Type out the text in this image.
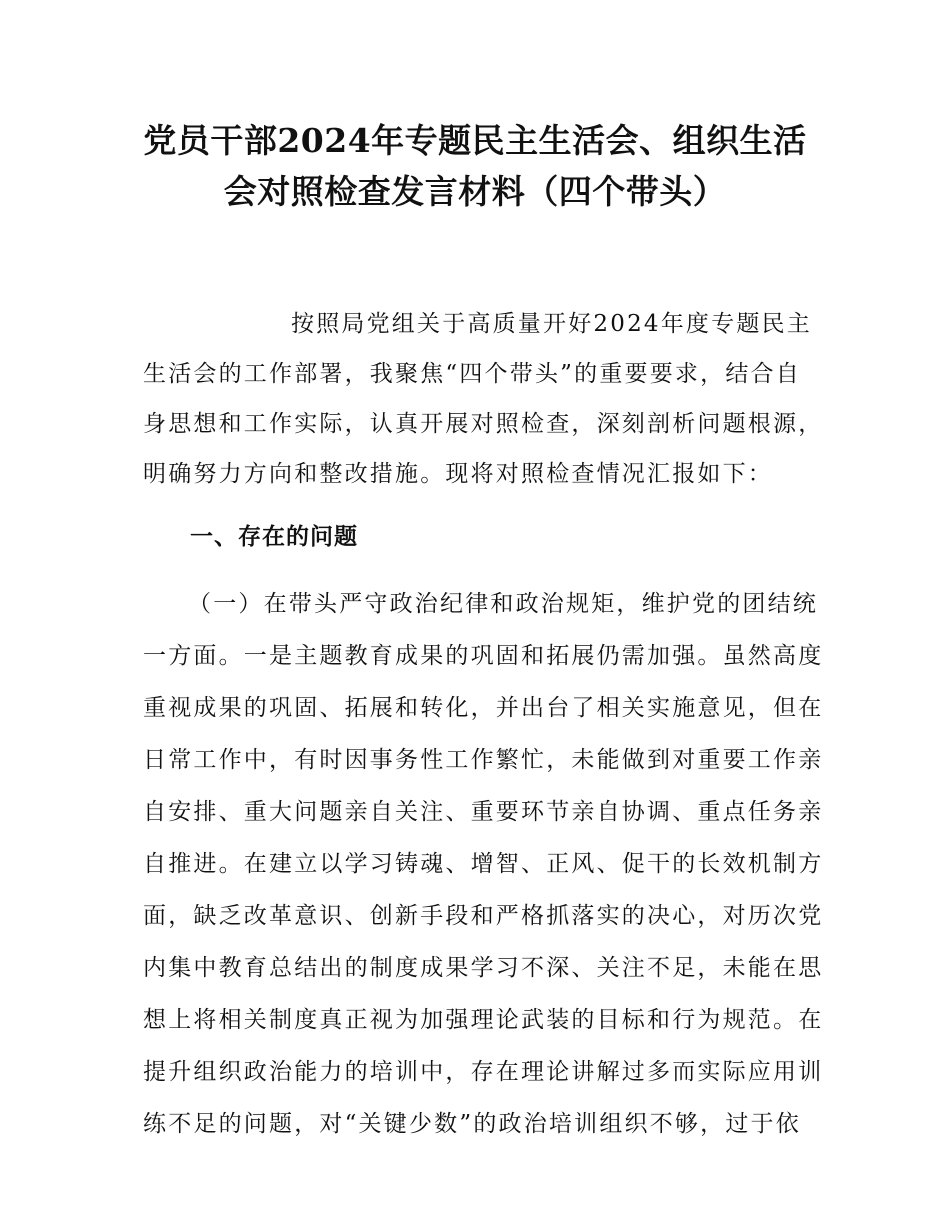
党员干部2024年专题民主生活会、组织生活
会对照检查发言材料（四个带头）

按照局党组关于高质量开好2024年度专题民主

生活会的工作部署，我聚焦“四个带头”的重要要求，结合自

身思想和工作实际，认真开展对照检查，深刻剖析问题根源，

明确努力方向和整改措施。现将对照检查情况汇报如下：

一、存在的问题

（一）在带头严守政治纪律和政治规矩，维护党的团结统

一方面。一是主题教育成果的巩固和拓展仍需加强。虽然高度

重视成果的巩固、拓展和转化，并出台了相关实施意见，但在

日常工作中，有时因事务性工作繁忙，未能做到对重要工作亲

自安排、重大问题亲自关注、重要环节亲自协调、重点任务亲

自推进。在建立以学习铸魂、增智、正风、促干的长效机制方

面，缺乏改革意识、创新手段和严格抓落实的决心，对历次党

内集中教育总结出的制度成果学习不深、关注不足，未能在思

想上将相关制度真正视为加强理论武装的目标和行为规范。在

提升组织政治能力的培训中，存在理论讲解过多而实际应用训

练不足的问题，对“关键少数”的政治培训组织不够，过于依
